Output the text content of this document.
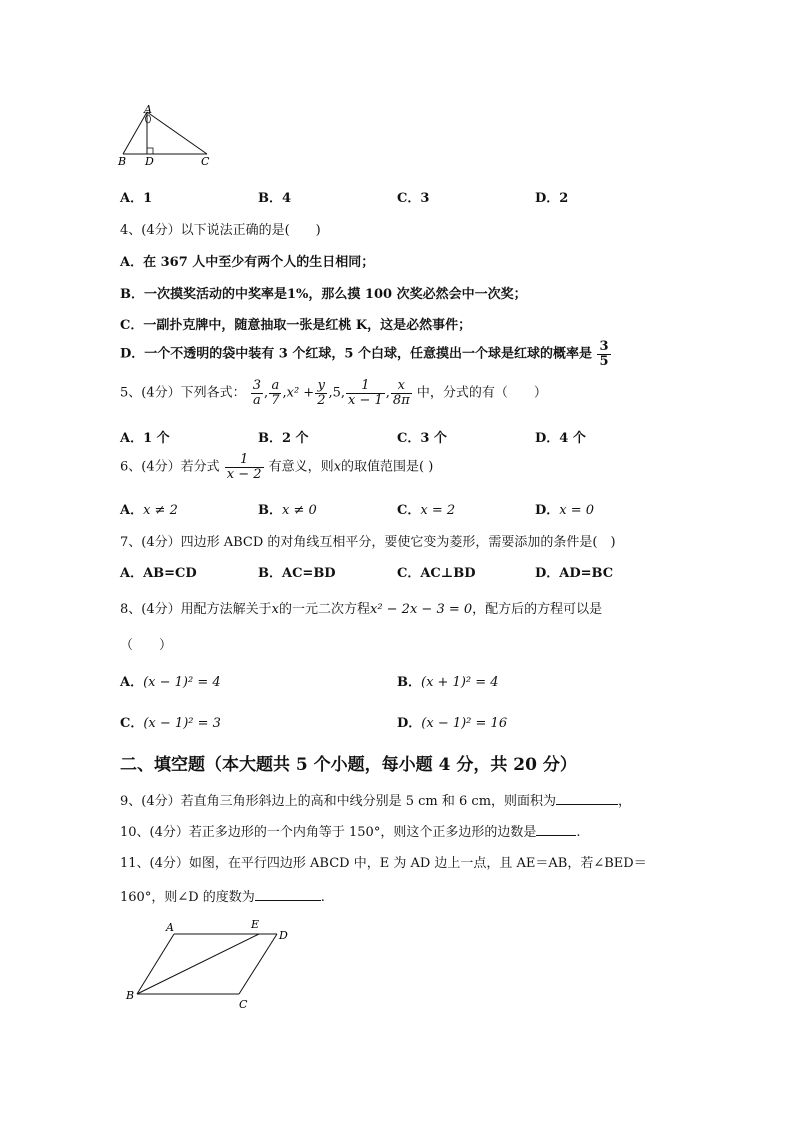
A
B D	C
A．1	B．4	C．3	D．2
4、(4分）以下说法正确的是(　　)
A．在 367 人中至少有两个人的生日相同；
B．一次摸奖活动的中奖率是1%，那么摸 100 次奖必然会中一次奖；
C．一副扑克牌中，随意抽取一张是红桃 K，这是必然事件；
D．一个不透明的袋中装有 3 个红球，5 个白球，任意摸出一个球是红球的概率是 $\frac{3}{5}$
5、(4分）下列各式： $\frac{3}{a}$ , $\frac{a}{7} ,x^2 + \frac{y}{2} ,5$, $\frac{1}{x - 1}$ , $\frac{x}{8\pi}$ 中，分式的有（　　）
A．1 个	B．2 个	C．3 个	D．4 个
6、(4分）若分式 $\frac{1}{x - 2}$ 有意义，则x的取值范围是( )
A．x ≠ 2	B．x ≠ 0	C．x = 2	D．x = 0
7、(4分）四边形 ABCD 的对角线互相平分，要使它变为菱形，需要添加的条件是(　)
A．AB=CD	B．AC=BD	C．AC⊥BD	D．AD=BC
8、(4分）用配方法解关于x的一元二次方程x² − 2x − 3 = 0，配方后的方程可以是
（　　）
A．(x − 1)² = 4	B．(x + 1)² = 4
C．(x − 1)² = 3	D．(x − 1)² = 16
二、填空题（本大题共 5 个小题，每小题 4 分，共 20 分）
9、(4分）若直角三角形斜边上的高和中线分别是 5 cm 和 6 cm，则面积为	，
10、(4分）若正多边形的一个内角等于 150°，则这个正多边形的边数是	.
11、(4分）如图，在平行四边形 ABCD 中，E 为 AD 边上一点，且 AE＝AB，若∠BED＝
160°，则∠D 的度数为	.
A	E
D
B
C
